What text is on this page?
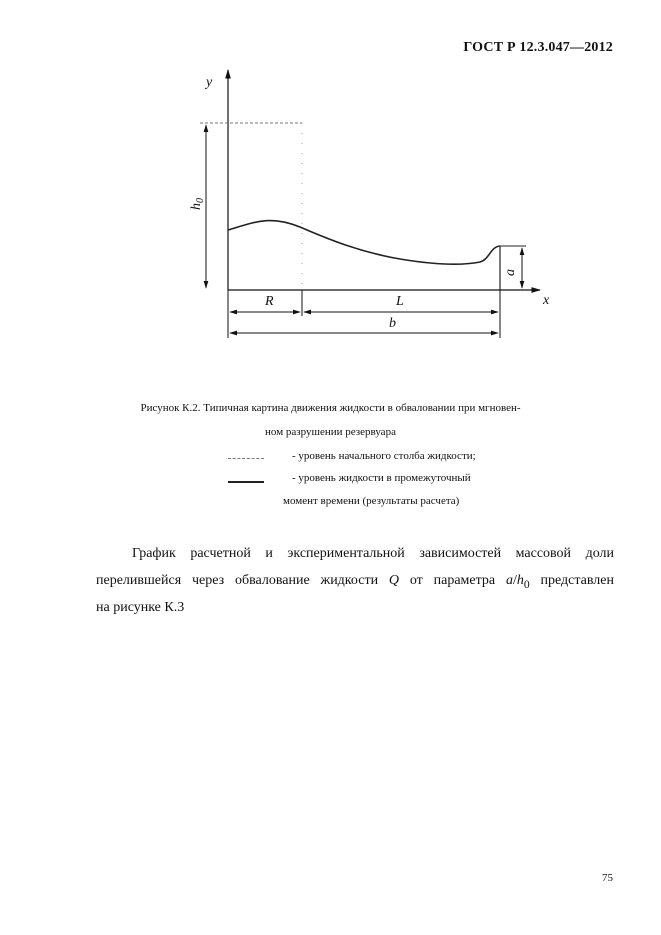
ГОСТ Р 12.3.047—2012
y
x
$h_0$
a
R	L
b
Рисунок К.2. Типичная картина движения жидкости в обваловании при мгновен-
ном разрушении резервуара
- уровень начального столба жидкости;
- уровень жидкости в промежуточный
момент времени (результаты расчета)
График расчетной и экспериментальной зависимостей массовой доли
перелившейся через обвалование жидкости Q от параметра $a/h_0$ представлен
на рисунке К.3
75
